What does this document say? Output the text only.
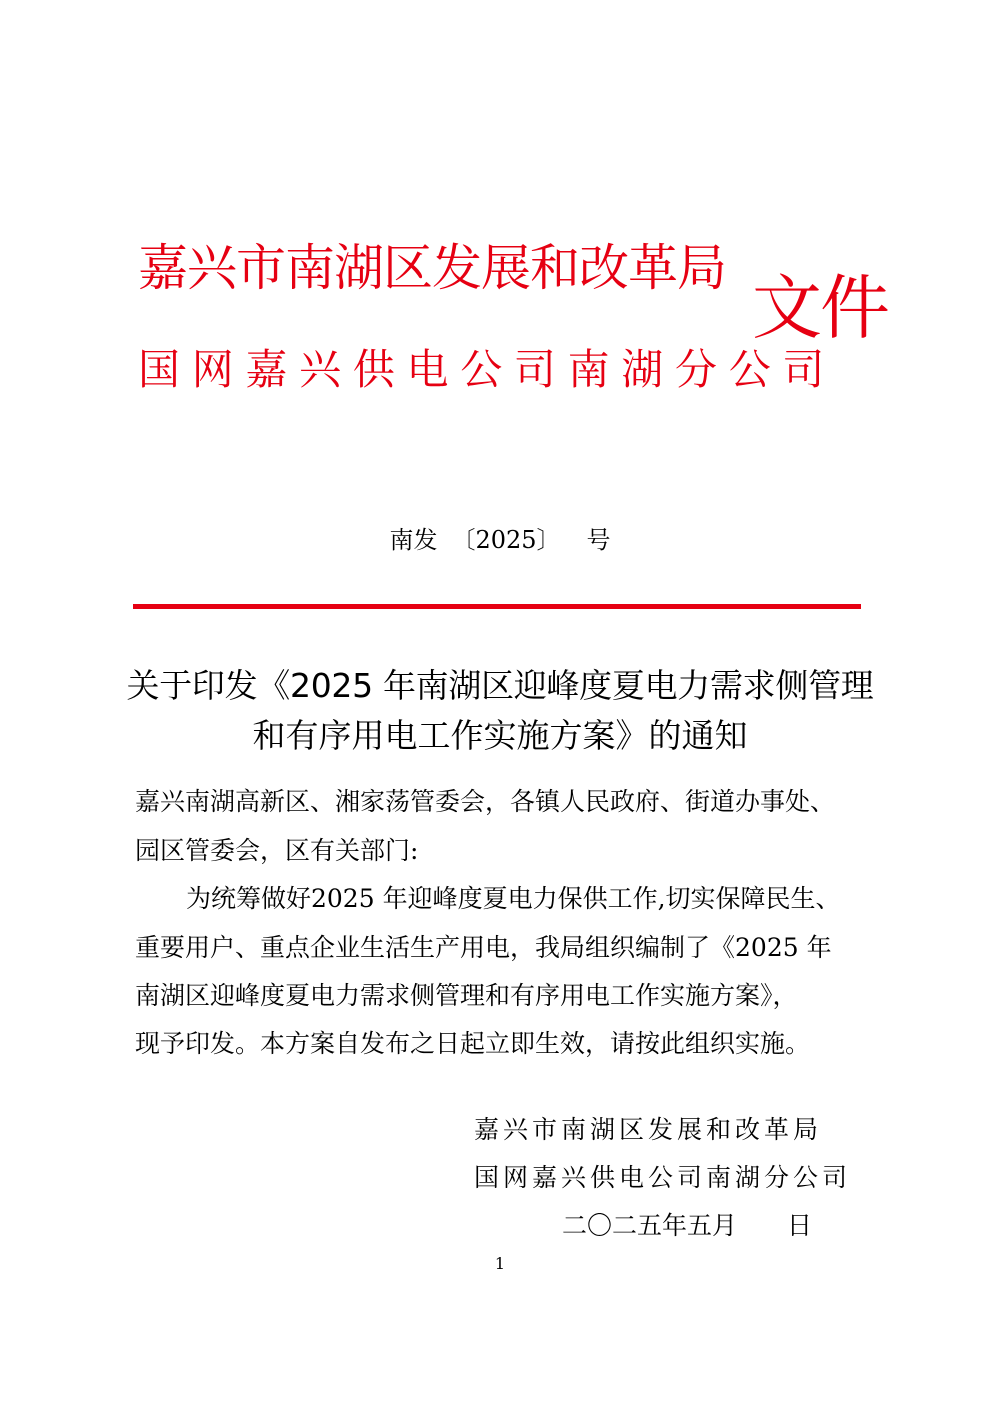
嘉兴市南湖区发展和改革局
国网嘉兴供电公司南湖分公司
文件
南发 〔2025〕 号
关于印发《2025 年南湖区迎峰度夏电力需求侧管理
和有序用电工作实施方案》的通知
嘉兴南湖高新区、湘家荡管委会，各镇人民政府、街道办事处、
园区管委会，区有关部门:
为统筹做好2025 年迎峰度夏电力保供工作,切实保障民生、
重要用户、重点企业生活生产用电，我局组织编制了《2025 年
南湖区迎峰度夏电力需求侧管理和有序用电工作实施方案》，
现予印发。本方案自发布之日起立即生效，请按此组织实施。
嘉兴市南湖区发展和改革局
国网嘉兴供电公司南湖分公司
二〇二五年五月　　日
1
